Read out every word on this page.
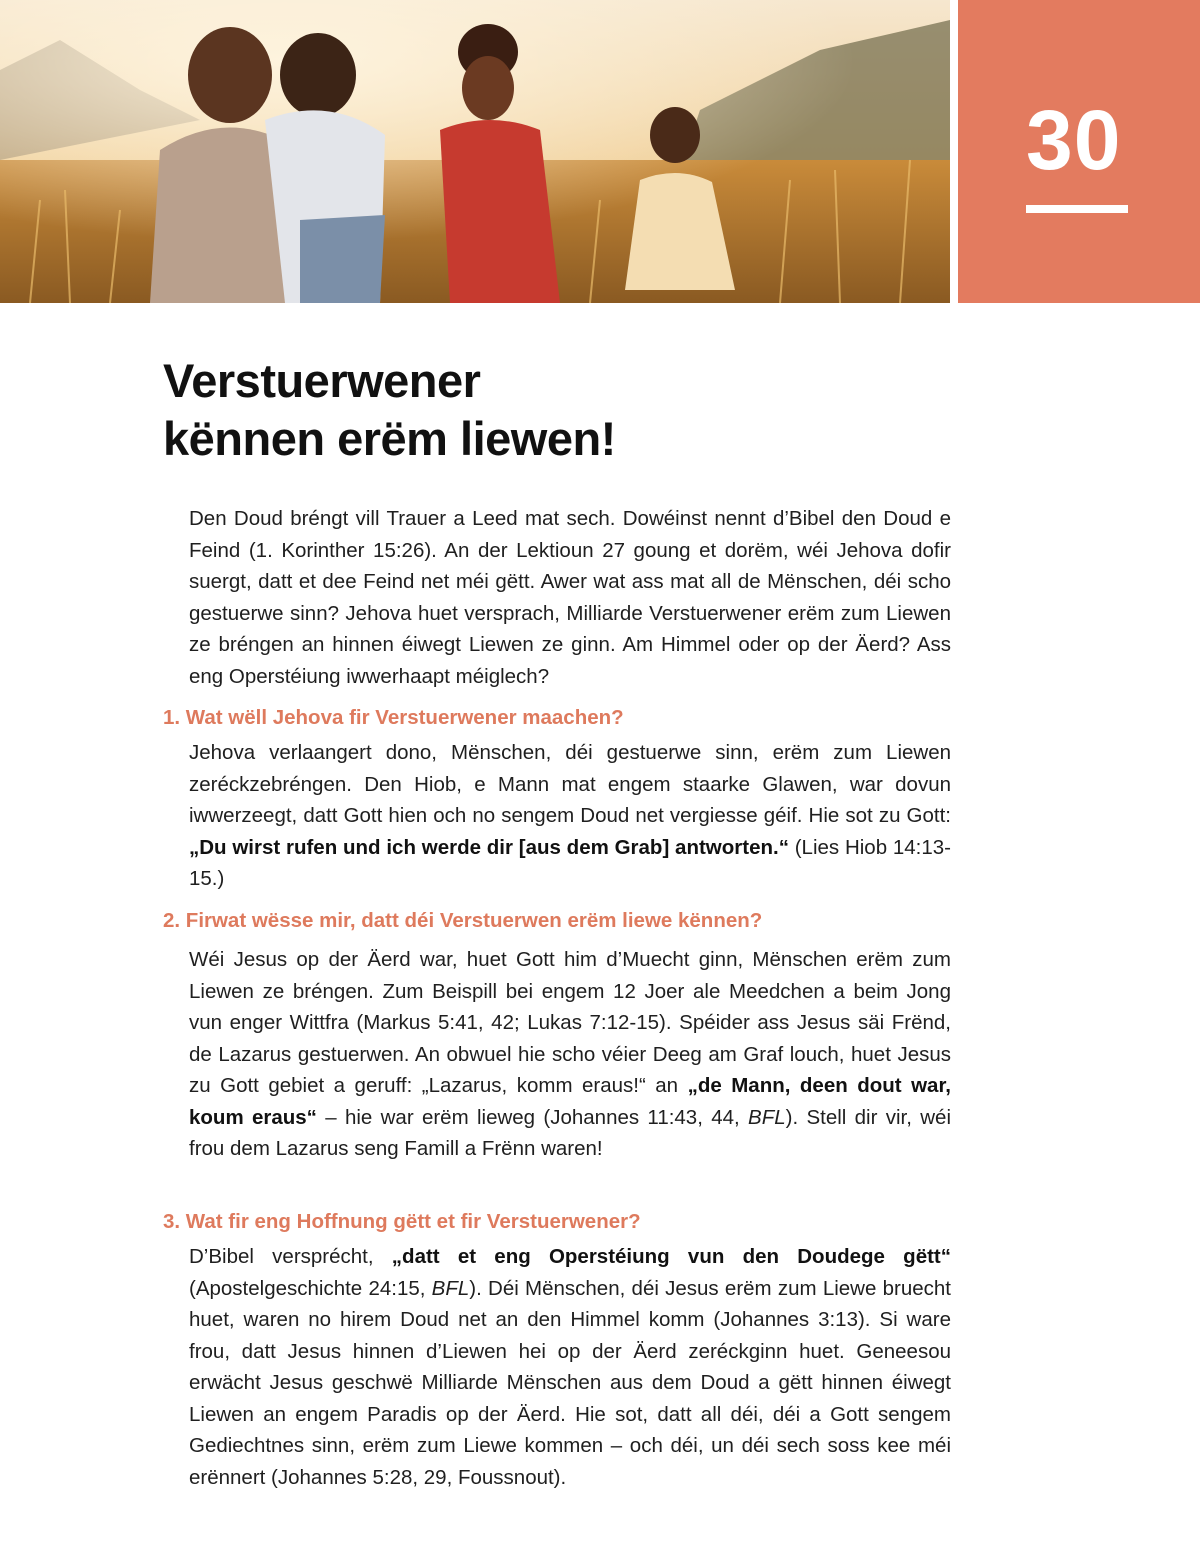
30
Verstuerwener
kënnen erëm liewen!

Den Doud bréngt vill Trauer a Leed mat sech. Dowéinst nennt d’Bibel den Doud e Feind (1. Korinther 15:26). An der Lektioun 27 goung et dorëm, wéi Jehova dofir suergt, datt et dee Feind net méi gëtt. Awer wat ass mat all de Mënschen, déi scho gestuerwe sinn? Jehova huet versprach, Milliarde Verstuerwener erëm zum Liewen ze bréngen an hinnen éiwegt Liewen ze ginn. Am Himmel oder op der Äerd? Ass eng Operstéiung iwwerhaapt méiglech?

1. Wat wëll Jehova fir Verstuerwener maachen?

Jehova verlaangert dono, Mënschen, déi gestuerwe sinn, erëm zum Liewen zeréckzebréngen. Den Hiob, e Mann mat engem staarke Glawen, war dovun iwwerzeegt, datt Gott hien och no sengem Doud net vergiesse géif. Hie sot zu Gott: „Du wirst rufen und ich werde dir [aus dem Grab] antworten.“ (Lies Hiob 14:13-15.)

2. Firwat wësse mir, datt déi Verstuerwen erëm liewe kënnen?

Wéi Jesus op der Äerd war, huet Gott him d’Muecht ginn, Mënschen erëm zum Liewen ze bréngen. Zum Beispill bei engem 12 Joer ale Meedchen a beim Jong vun enger Wittfra (Markus 5:41, 42; Lukas 7:12-15). Spéider ass Jesus säi Frënd, de Lazarus gestuerwen. An obwuel hie scho véier Deeg am Graf louch, huet Jesus zu Gott gebiet a geruff: „Lazarus, komm eraus!“ an „de Mann, deen dout war, koum eraus“ – hie war erëm lieweg (Johannes 11:43, 44, BFL). Stell dir vir, wéi frou dem Lazarus seng Famill a Frënn waren!

3. Wat fir eng Hoffnung gëtt et fir Verstuerwener?

D’Bibel versprécht, „datt et eng Operstéiung vun den Doudege gëtt“ (Apostelgeschichte 24:15, BFL). Déi Mënschen, déi Jesus erëm zum Liewe bruecht huet, waren no hirem Doud net an den Himmel komm (Johannes 3:13). Si ware frou, datt Jesus hinnen d’Liewen hei op der Äerd zeréckginn huet. Geneesou erwächt Jesus geschwë Milliarde Mënschen aus dem Doud a gëtt hinnen éiwegt Liewen an engem Paradis op der Äerd. Hie sot, datt all déi, déi a Gott sengem Gediechtnes sinn, erëm zum Liewe kommen – och déi, un déi sech soss kee méi erënnert (Johannes 5:28, 29, Foussnout).
